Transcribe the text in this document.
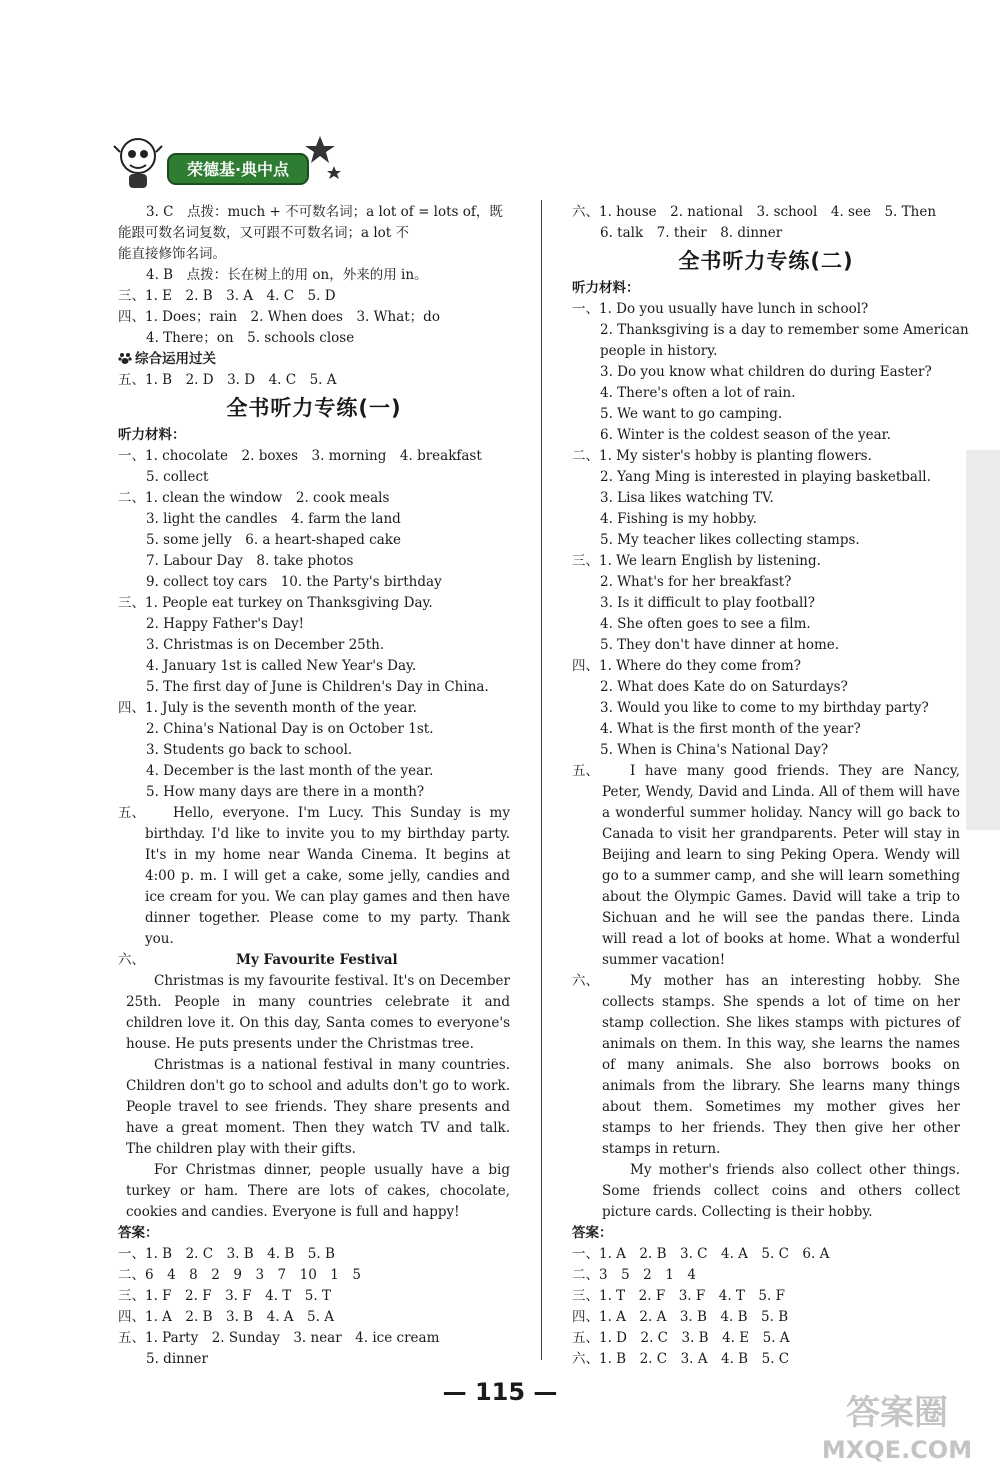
荣德基·典中点
3. C　点拨：much + 不可数名词；a lot of = lots of，既
能跟可数名词复数，又可跟不可数名词；a lot 不
能直接修饰名词。
4. B　点拨：长在树上的用 on，外来的用 in。
三、1. E　2. B　3. A　4. C　5. D
四、1. Does；rain　2. When does　3. What；do
4. There；on　5. schools close
综合运用过关
五、1. B　2. D　3. D　4. C　5. A
全书听力专练(一)
听力材料：
一、1. chocolate　2. boxes　3. morning　4. breakfast
5. collect
二、1. clean the window　2. cook meals
3. light the candles　4. farm the land
5. some jelly　6. a heart-shaped cake
7. Labour Day　8. take photos
9. collect toy cars　10. the Party's birthday
三、1. People eat turkey on Thanksgiving Day.
2. Happy Father's Day!
3. Christmas is on December 25th.
4. January 1st is called New Year's Day.
5. The first day of June is Children's Day in China.
四、1. July is the seventh month of the year.
2. China's National Day is on October 1st.
3. Students go back to school.
4. December is the last month of the year.
5. How many days are there in a month?
五、	Hello, everyone. I'm Lucy. This Sunday is my birthday. I'd like to invite you to my birthday party. It's in my home near Wanda Cinema. It begins at 4:00 p. m. I will get a cake, some jelly, candies and ice cream for you. We can play games and then have dinner together. Please come to my party. Thank you.
六、	My Favourite Festival
Christmas is my favourite festival. It's on December 25th. People in many countries celebrate it and children love it. On this day, Santa comes to everyone's house. He puts presents under the Christmas tree.
Christmas is a national festival in many countries. Children don't go to school and adults don't go to work. People travel to see friends. They share presents and have a great moment. Then they watch TV and talk. The children play with their gifts.
For Christmas dinner, people usually have a big turkey or ham. There are lots of cakes, chocolate, cookies and candies. Everyone is full and happy!
答案：
一、1. B　2. C　3. B　4. B　5. B
二、6　4　8　2　9　3　7　10　1　5
三、1. F　2. F　3. F　4. T　5. T
四、1. A　2. B　3. B　4. A　5. A
五、1. Party　2. Sunday　3. near　4. ice cream
5. dinner
六、1. house　2. national　3. school　4. see　5. Then
6. talk　7. their　8. dinner
全书听力专练(二)
听力材料：
一、1. Do you usually have lunch in school?
2. Thanksgiving is a day to remember some American
people in history.
3. Do you know what children do during Easter?
4. There's often a lot of rain.
5. We want to go camping.
6. Winter is the coldest season of the year.
二、1. My sister's hobby is planting flowers.
2. Yang Ming is interested in playing basketball.
3. Lisa likes watching TV.
4. Fishing is my hobby.
5. My teacher likes collecting stamps.
三、1. We learn English by listening.
2. What's for her breakfast?
3. Is it difficult to play football?
4. She often goes to see a film.
5. They don't have dinner at home.
四、1. Where do they come from?
2. What does Kate do on Saturdays?
3. Would you like to come to my birthday party?
4. What is the first month of the year?
5. When is China's National Day?
五、	I have many good friends. They are Nancy, Peter, Wendy, David and Linda. All of them will have a wonderful summer holiday. Nancy will go back to Canada to visit her grandparents. Peter will stay in Beijing and learn to sing Peking Opera. Wendy will go to a summer camp, and she will learn something about the Olympic Games. David will take a trip to Sichuan and he will see the pandas there. Linda will read a lot of books at home. What a wonderful summer vacation!
六、	My mother has an interesting hobby. She collects stamps. She spends a lot of time on her stamp collection. She likes stamps with pictures of animals on them. In this way, she learns the names of many animals. She also borrows books on animals from the library. She learns many things about them. Sometimes my mother gives her stamps to her friends. They then give her other stamps in return.
My mother's friends also collect other things. Some friends collect coins and others collect picture cards. Collecting is their hobby.
答案：
一、1. A　2. B　3. C　4. A　5. C　6. A
二、3　5　2　1　4
三、1. T　2. F　3. F　4. T　5. F
四、1. A　2. A　3. B　4. B　5. B
五、1. D　2. C　3. B　4. E　5. A
六、1. B　2. C　3. A　4. B　5. C
— 115 —
答案圈
MXQE.COM
